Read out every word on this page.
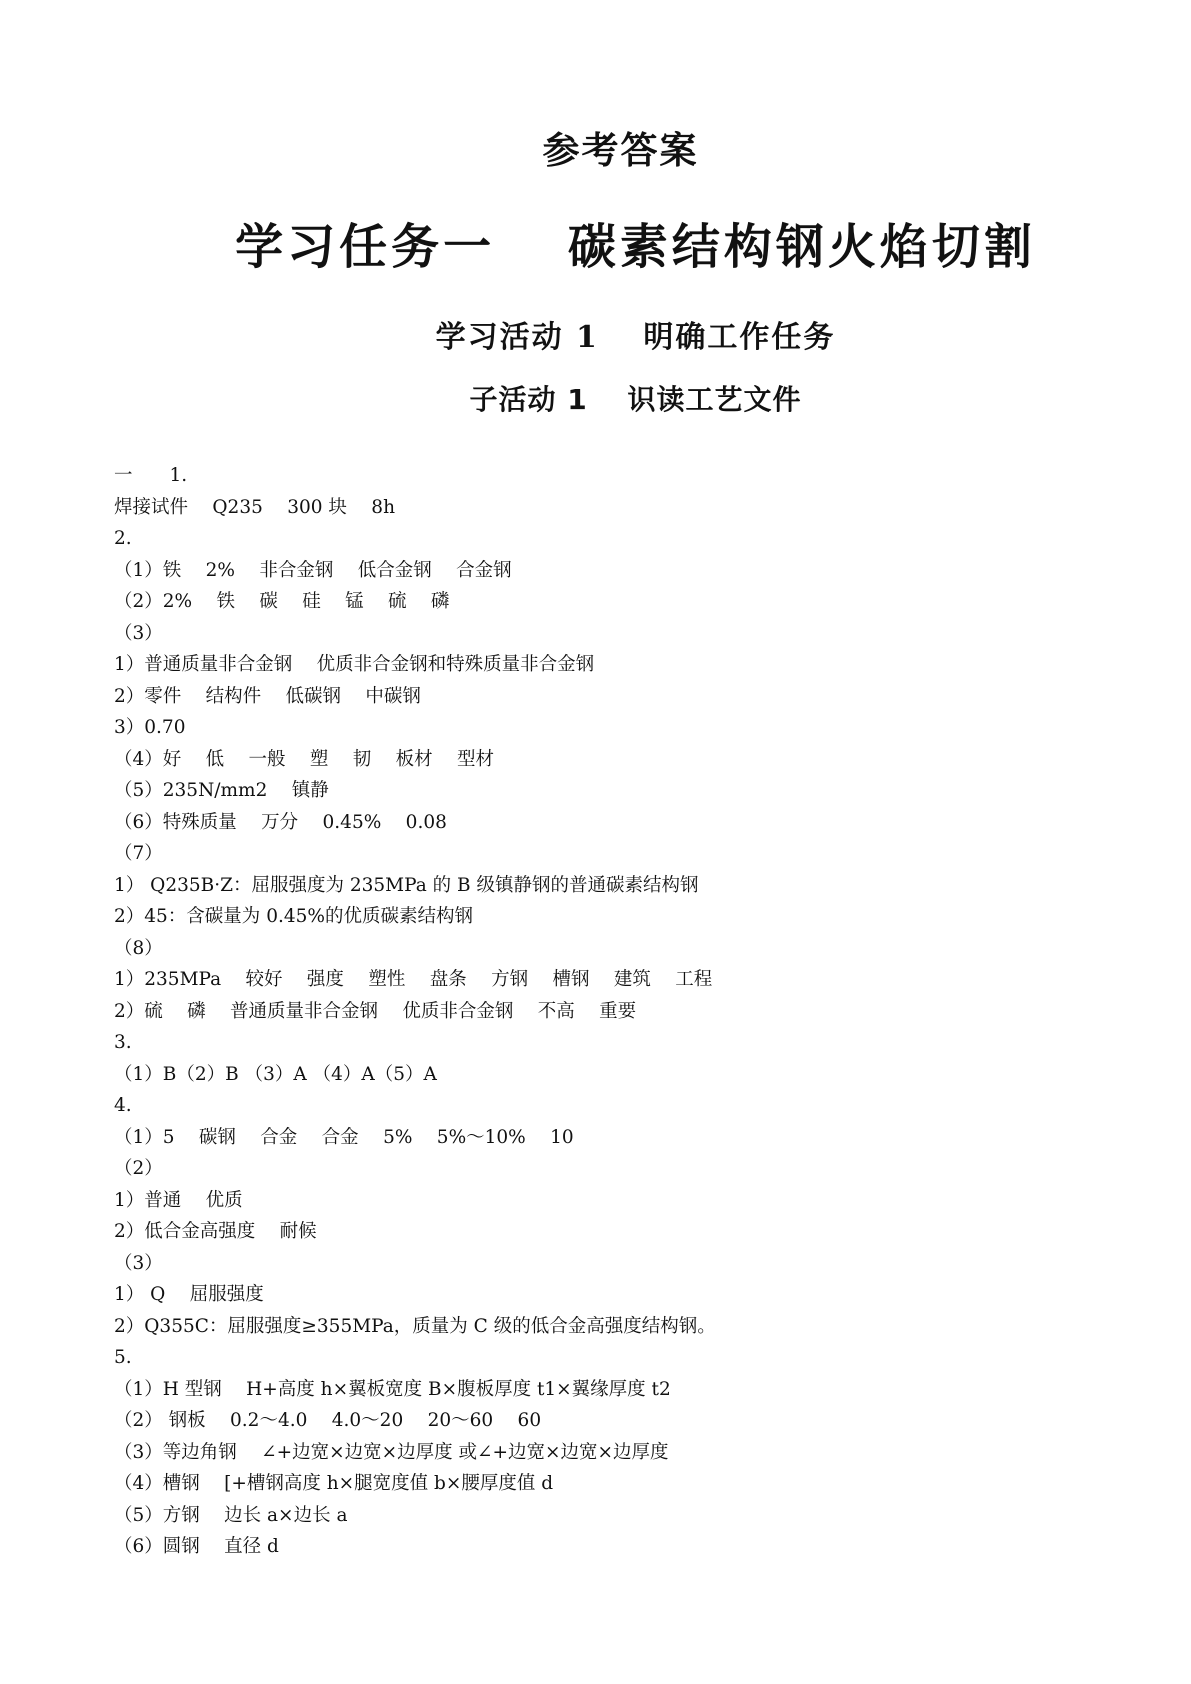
参考答案
学习任务一　 碳素结构钢火焰切割
学习活动 1　 明确工作任务
子活动 1　 识读工艺文件
一　　1.
焊接试件　 Q235　 300 块　 8h
2.
（1）铁　 2%　 非合金钢　 低合金钢　 合金钢
（2）2%　 铁　 碳　 硅　 锰　 硫　 磷
（3）
1）普通质量非合金钢　 优质非合金钢和特殊质量非合金钢
2）零件　 结构件　 低碳钢　 中碳钢
3）0.70
（4）好　 低　 一般　 塑　 韧　 板材　 型材
（5）235N/mm2　 镇静
（6）特殊质量　 万分　 0.45%　 0.08
（7）
1） Q235B·Z：屈服强度为 235MPa 的 B 级镇静钢的普通碳素结构钢
2）45：含碳量为 0.45%的优质碳素结构钢
（8）
1）235MPa　 较好　 强度　 塑性　 盘条　 方钢　 槽钢　 建筑　 工程
2）硫　 磷　 普通质量非合金钢　 优质非合金钢　 不高　 重要
3.
（1）B（2）B （3）A （4）A（5）A
4.
（1）5　 碳钢　 合金　 合金　 5%　 5%～10%　 10
（2）
1）普通　 优质
2）低合金高强度　 耐候
（3）
1） Q　 屈服强度
2）Q355C：屈服强度≥355MPa，质量为 C 级的低合金高强度结构钢。
5.
（1）H 型钢　 H+高度 h×翼板宽度 B×腹板厚度 t1×翼缘厚度 t2
（2） 钢板　 0.2～4.0　 4.0～20　 20～60　 60
（3）等边角钢　 ∠+边宽×边宽×边厚度 或∠+边宽×边宽×边厚度
（4）槽钢　 [+槽钢高度 h×腿宽度值 b×腰厚度值 d
（5）方钢　 边长 a×边长 a
（6）圆钢　 直径 d
